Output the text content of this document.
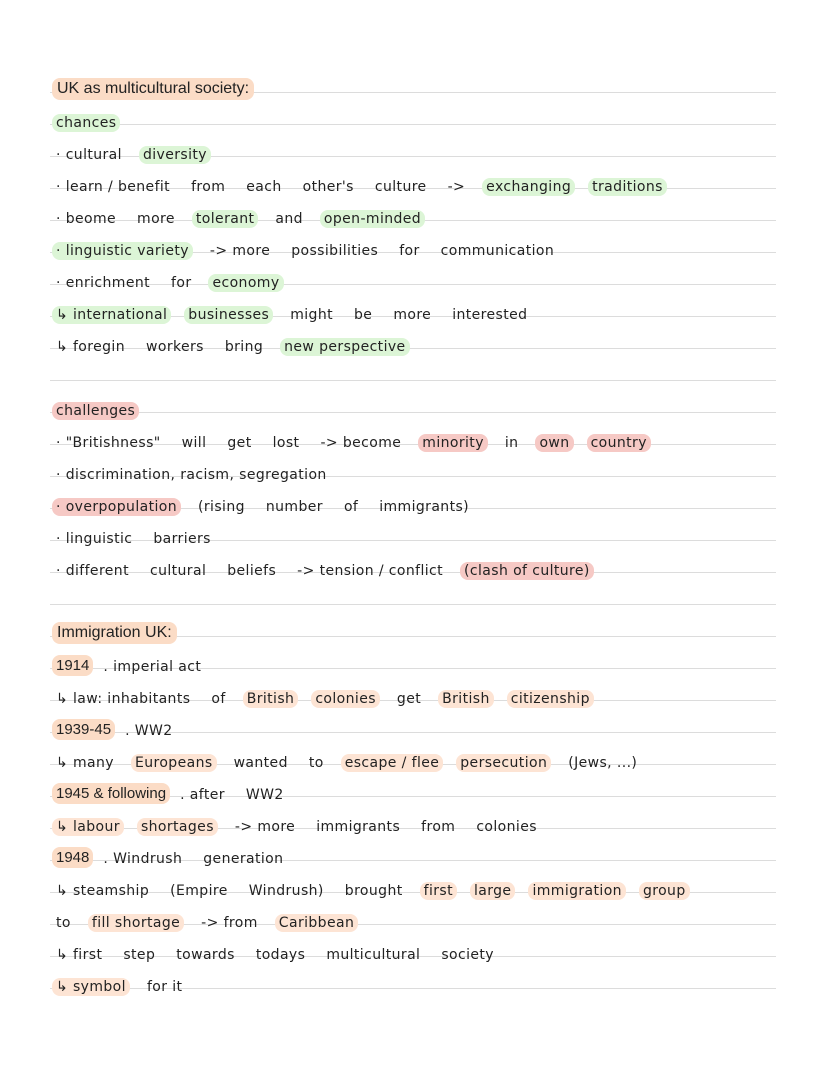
UK as multicultural society:
chances
· cultural diversity
· learn / benefit from each other's culture -> exchanging traditions
· beome more tolerant and open-minded
· linguistic variety -> more possibilities for communication
· enrichment for economy
↳ international businesses might be more interested
↳ foregin workers bring new perspective
challenges
· "Britishness" will get lost -> become minority in own country
· discrimination, racism, segregation
· overpopulation (rising number of immigrants)
· linguistic barriers
· different cultural beliefs -> tension / conflict (clash of culture)
Immigration UK:
1914 . imperial act
↳ law: inhabitants of British colonies get British citizenship
1939-45 . WW2
↳ many Europeans wanted to escape / flee persecution (Jews, ...)
1945 & following . after WW2
↳ labour shortages -> more immigrants from colonies
1948 . Windrush generation
↳ steamship (Empire Windrush) brought first large immigration group
to fill shortage -> from Caribbean
↳ first step towards todays multicultural society
↳ symbol for it
